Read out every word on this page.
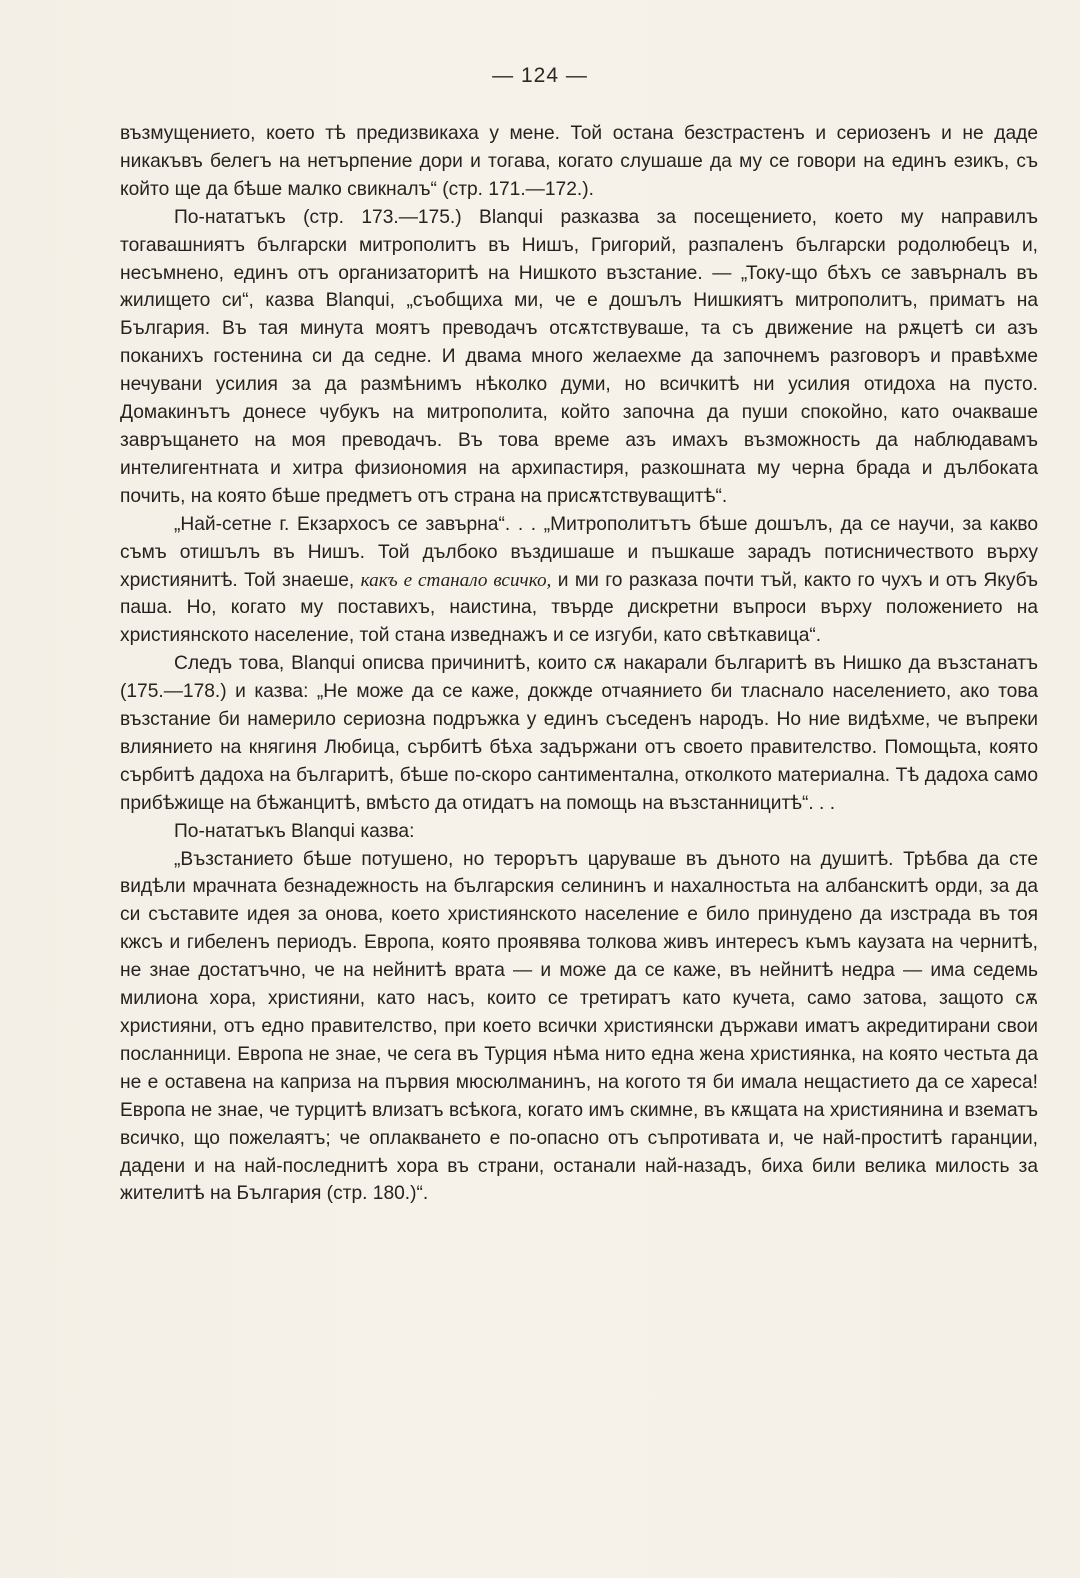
— 124 —

възмущението, което тѣ предизвикаха у мене. Той остана безстрастенъ и сериозенъ и не даде никакъвъ белегъ на нетърпение дори и тогава, когато слушаше да му се говори на единъ езикъ, съ който ще да бѣше малко свикналъ“ (стр. 171.—172.).

По-нататъкъ (стр. 173.—175.) Blanqui разказва за посещението, което му направилъ тогавашниятъ български митрополитъ въ Нишъ, Григорий, разпаленъ български родолюбецъ и, несъмнено, единъ отъ организаторитѣ на Нишкото възстание. — „Току-що бѣхъ се завърналъ въ жилището си“, казва Blanqui, „съобщиха ми, че е дошълъ Нишкиятъ митрополитъ, приматъ на България. Въ тая минута моятъ преводачъ отсѫтствуваше, та съ движение на рѫцетѣ си азъ поканихъ гостенина си да седне. И двама много желаехме да започнемъ разговоръ и правѣхме нечувани усилия за да размѣнимъ нѣколко думи, но всичкитѣ ни усилия отидоха на пусто. Домакинътъ донесе чубукъ на митрополита, който започна да пуши спокойно, като очакваше завръщането на моя преводачъ. Въ това време азъ имахъ възможность да наблюдавамъ интелигентната и хитра физиономия на архипастиря, разкошната му черна брада и дълбоката почить, на която бѣше предметъ отъ страна на присѫтствуващитѣ“.

„Най-сетне г. Екзархосъ се завърна“. . . „Митрополитътъ бѣше дошълъ, да се научи, за какво съмъ отишълъ въ Нишъ. Той дълбоко въздишаше и пъшкаше зарадъ потисничеството върху християнитѣ. Той знаеше, какъ е станало всичко, и ми го разказа почти тъй, както го чухъ и отъ Якубъ паша. Но, когато му поставихъ, наистина, твърде дискретни въпроси върху положението на християнското население, той стана изведнажъ и се изгуби, като свѣткавица“.

Следъ това, Blanqui описва причинитѣ, които сѫ накарали българитѣ въ Нишко да възстанатъ (175.—178.) и казва: „Не може да се каже, докжде отчаянието би тласнало населението, ако това възстание би намерило сериозна подръжка у единъ съседенъ народъ. Но ние видѣхме, че въпреки влиянието на княгиня Любица, сърбитѣ бѣха задържани отъ своето правителство. Помощьта, която сърбитѣ дадоха на българитѣ, бѣше по-скоро сантиментална, отколкото материална. Тѣ дадоха само прибѣжище на бѣжанцитѣ, вмѣсто да отидатъ на помощь на възстанницитѣ“. . .

По-нататъкъ Blanqui казва:

„Възстанието бѣше потушено, но терорътъ царуваше въ дъното на душитѣ. Трѣбва да сте видѣли мрачната безнадежность на българския селининъ и нахалностьта на албанскитѣ орди, за да си съставите идея за онова, което християнското население е било принудено да изстрада въ тоя кжсъ и гибеленъ периодъ. Европа, която проявява толкова живъ интересъ къмъ каузата на чернитѣ, не знае достатъчно, че на нейнитѣ врата — и може да се каже, въ нейнитѣ недра — има седемь милиона хора, християни, като насъ, които се третиратъ като кучета, само затова, защото сѫ християни, отъ едно правителство, при което всички християнски държави иматъ акредитирани свои посланници. Европа не знае, че сега въ Турция нѣма нито една жена християнка, на която честьта да не е оставена на каприза на първия мюсюлманинъ, на когото тя би имала нещастието да се хареса! Европа не знае, че турцитѣ влизатъ всѣкога, когато имъ скимне, въ кѫщата на християнина и взематъ всичко, що пожелаятъ; че оплакването е по-опасно отъ съпротивата и, че най-проститѣ гаранции, дадени и на най-последнитѣ хора въ страни, останали най-назадъ, биха били велика милость за жителитѣ на България (стр. 180.)“.
